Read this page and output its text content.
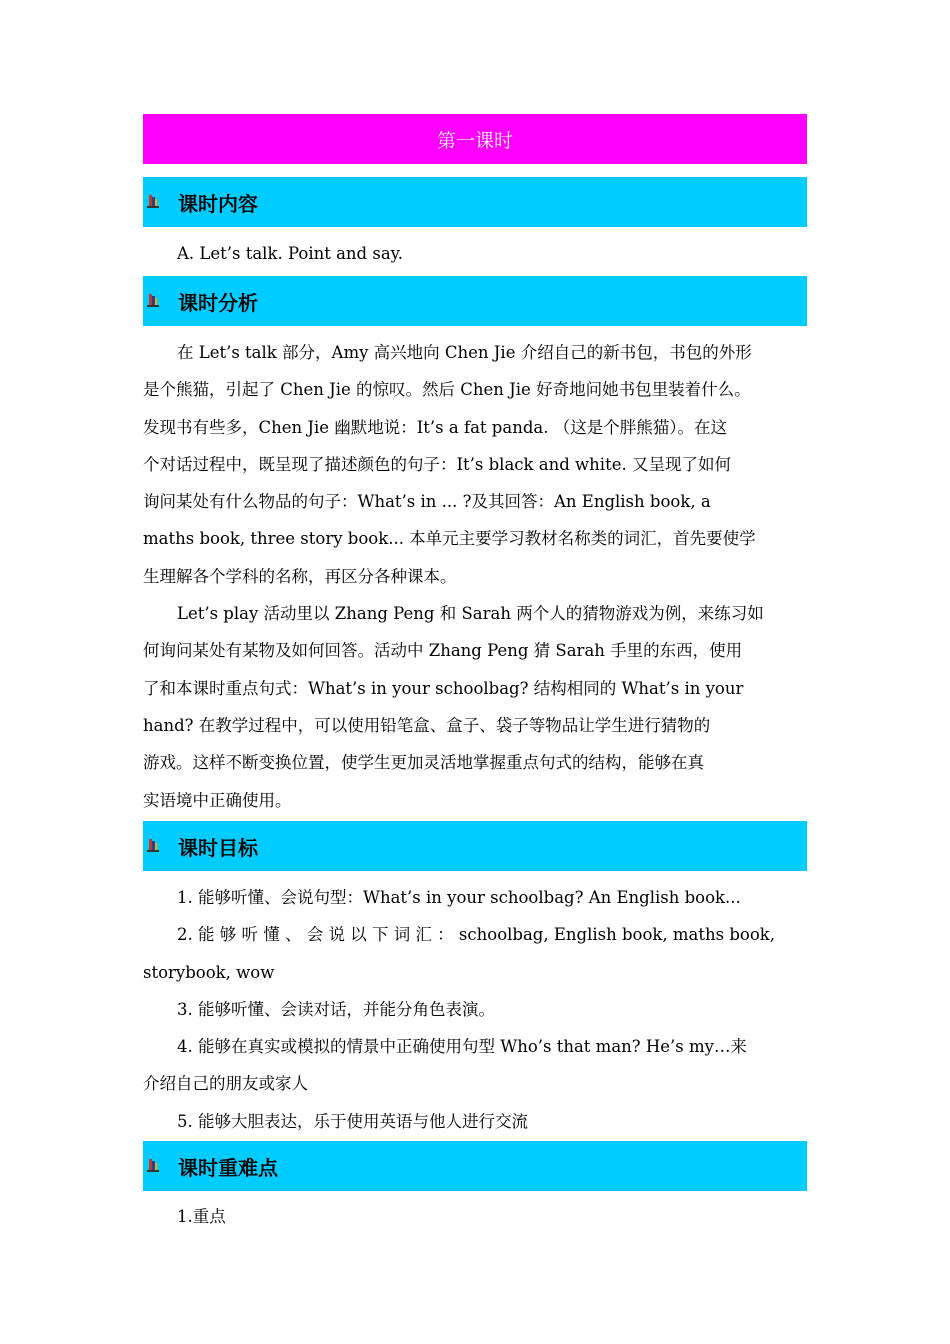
第一课时
课时内容
A. Let’s talk. Point and say.
课时分析
在 Let’s talk 部分，Amy 高兴地向 Chen Jie 介绍自己的新书包，书包的外形
是个熊猫，引起了 Chen Jie 的惊叹。然后 Chen Jie 好奇地问她书包里装着什么。
发现书有些多，Chen Jie 幽默地说：It’s a fat panda. （这是个胖熊猫）。在这
个对话过程中，既呈现了描述颜色的句子：It’s black and white. 又呈现了如何
询问某处有什么物品的句子：What’s in ... ?及其回答：An English book, a
maths book, three story book... 本单元主要学习教材名称类的词汇，首先要使学
生理解各个学科的名称，再区分各种课本。
Let’s play 活动里以 Zhang Peng 和 Sarah 两个人的猜物游戏为例，来练习如
何询问某处有某物及如何回答。活动中 Zhang Peng 猜 Sarah 手里的东西，使用
了和本课时重点句式：What’s in your schoolbag? 结构相同的 What’s in your
hand? 在教学过程中，可以使用铅笔盒、盒子、袋子等物品让学生进行猜物的
游戏。这样不断变换位置，使学生更加灵活地掌握重点句式的结构，能够在真
实语境中正确使用。
课时目标
1. 能够听懂、会说句型：What’s in your schoolbag? An English book...
2. 能 够 听 懂 、 会 说 以 下 词 汇 ： schoolbag, English book, maths book,
storybook, wow
3. 能够听懂、会读对话，并能分角色表演。
4. 能够在真实或模拟的情景中正确使用句型 Who’s that man? He’s my…来
介绍自己的朋友或家人
5. 能够大胆表达，乐于使用英语与他人进行交流
课时重难点
1.重点
